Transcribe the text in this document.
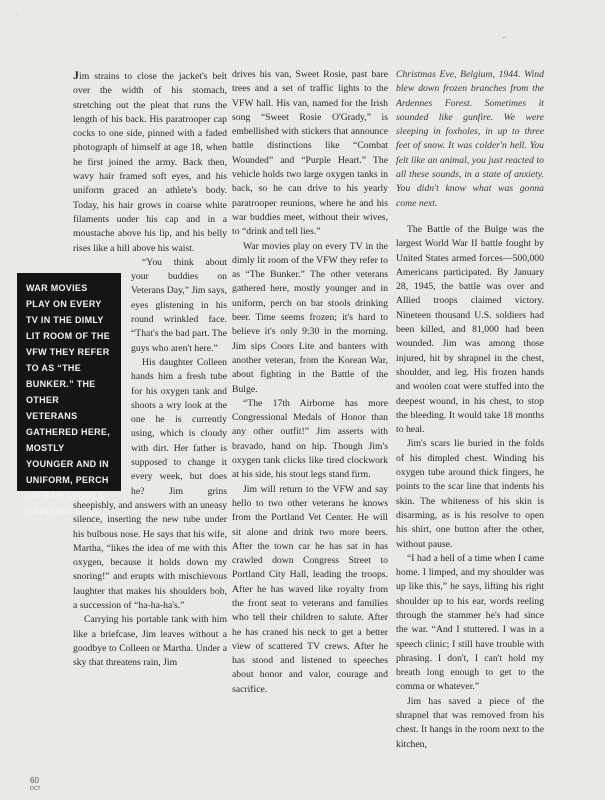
.
⌃
WAR MOVIES PLAY ON EVERY TV IN THE DIMLY LIT ROOM OF THE VFW THEY REFER TO AS “THE BUNKER.” THE OTHER VETERANS GATHERED HERE, MOSTLY YOUNGER AND IN UNIFORM, PERCH ON BAR STOOLS DRINKING BEER.

Jim strains to close the jacket's belt over the width of his stomach, stretching out the pleat that runs the length of his back. His paratrooper cap cocks to one side, pinned with a faded photograph of himself at age 18, when he first joined the army. Back then, wavy hair framed soft eyes, and his uniform graced an athlete's body. Today, his hair grows in coarse white filaments under his cap and in a moustache above his lip, and his belly rises like a hill above his waist.

“You think about your buddies on Veterans Day,” Jim says, eyes glistening in his round wrinkled face. “That's the bad part. The guys who aren't here.”

His daughter Colleen hands him a fresh tube for his oxygen tank and shoots a wry look at the one he is currently using, which is cloudy with dirt. Her father is supposed to change it every week, but does he? Jim grins sheepishly, and answers with an uneasy silence, inserting the new tube under his bulbous nose. He says that his wife, Martha, “likes the idea of me with this oxygen, because it holds down my snoring!” and erupts with mischievous laughter that makes his shoulders bob, a succession of “ha-ha-ha's.”

Carrying his portable tank with him like a briefcase, Jim leaves without a goodbye to Colleen or Martha. Under a sky that threatens rain, Jim

drives his van, Sweet Rosie, past bare trees and a set of traffic lights to the VFW hall. His van, named for the Irish song “Sweet Rosie O'Grady,” is embellished with stickers that announce battle distinctions like “Combat Wounded” and “Purple Heart.” The vehicle holds two large oxygen tanks in back, so he can drive to his yearly paratrooper reunions, where he and his war buddies meet, without their wives, to “drink and tell lies.”

War movies play on every TV in the dimly lit room of the VFW they refer to as “The Bunker.” The other veterans gathered here, mostly younger and in uniform, perch on bar stools drinking beer. Time seems frozen; it's hard to believe it's only 9:30 in the morning. Jim sips Coors Lite and banters with another veteran, from the Korean War, about fighting in the Battle of the Bulge.

“The 17th Airborne has more Congressional Medals of Honor than any other outfit!” Jim asserts with bravado, hand on hip. Though Jim's oxygen tank clicks like tired clockwork at his side, his stout legs stand firm.

Jim will return to the VFW and say hello to two other veterans he knows from the Portland Vet Center. He will sit alone and drink two more beers. After the town car he has sat in has crawled down Congress Street to Portland City Hall, leading the troops. After he has waved like royalty from the front seat to veterans and families who tell their children to salute. After he has craned his neck to get a better view of scattered TV crews. After he has stood and listened to speeches about honor and valor, courage and sacrifice.

Christmas Eve, Belgium, 1944. Wind blew down frozen branches from the Ardennes Forest. Sometimes it sounded like gunfire. We were sleeping in foxholes, in up to three feet of snow. It was colder'n hell. You felt like an animal, you just reacted to all these sounds, in a state of anxiety. You didn't know what was gonna come next.

The Battle of the Bulge was the largest World War II battle fought by United States armed forces—500,000 Americans participated. By January 28, 1945, the battle was over and Allied troops claimed victory. Nineteen thousand U.S. soldiers had been killed, and 81,000 had been wounded. Jim was among those injured, hit by shrapnel in the chest, shoulder, and leg. His frozen hands and woolen coat were stuffed into the deepest wound, in his chest, to stop the bleeding. It would take 18 months to heal.

Jim's scars lie buried in the folds of his dimpled chest. Winding his oxygen tube around thick fingers, he points to the scar line that indents his skin. The whiteness of his skin is disarming, as is his resolve to open his shirt, one button after the other, without pause.

“I had a hell of a time when I came home. I limped, and my shoulder was up like this,” he says, lifting his right shoulder up to his ear, words reeling through the stammer he's had since the war. “And I stuttered. I was in a speech clinic; I still have trouble with phrasing. I don't, I can't hold my breath long enough to get to the comma or whatever.”

Jim has saved a piece of the shrapnel that was removed from his chest. It hangs in the room next to the kitchen,

60
OCT
